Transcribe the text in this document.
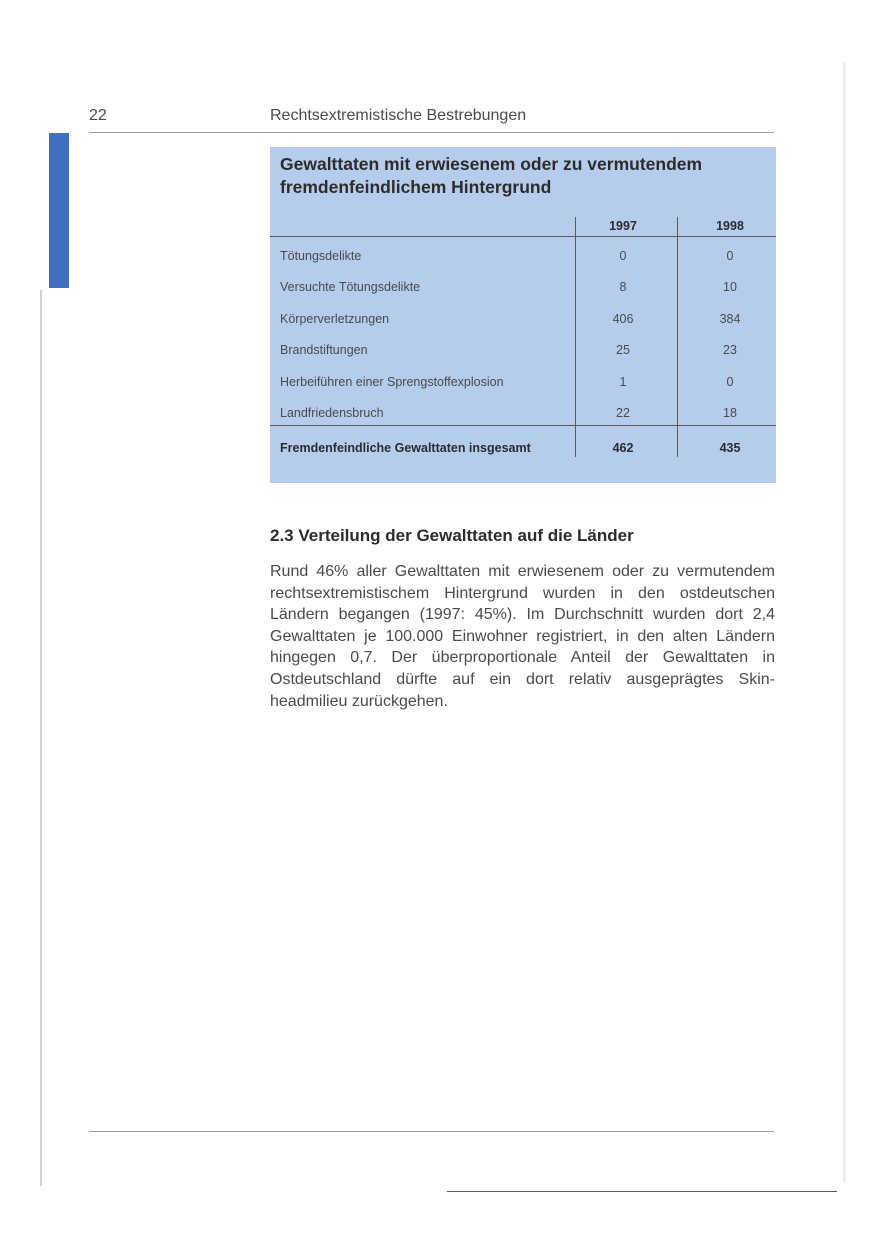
22	Rechtsextremistische Bestrebungen
Gewalttaten mit erwiesenem oder zu vermutendem fremdenfeindlichem Hintergrund
1997	1998
Tötungsdelikte	0	0
Versuchte Tötungsdelikte	8	10
Körperverletzungen	406	384
Brandstiftungen	25	23
Herbeiführen einer Sprengstoffexplosion	1	0
Landfriedensbruch	22	18
Fremdenfeindliche Gewalttaten insgesamt	462	435
2.3 Verteilung der Gewalttaten auf die Länder
Rund 46% aller Gewalttaten mit erwiesenem oder zu vermutendem rechtsextremistischem Hintergrund wurden in den ostdeutschen Ländern begangen (1997: 45%). Im Durchschnitt wurden dort 2,4 Gewalttaten je 100.000 Einwohner registriert, in den alten Ländern hingegen 0,7. Der überproportionale Anteil der Gewalttaten in Ostdeutschland dürfte auf ein dort relativ ausgeprägtes Skin-headmilieu zurückgehen.
